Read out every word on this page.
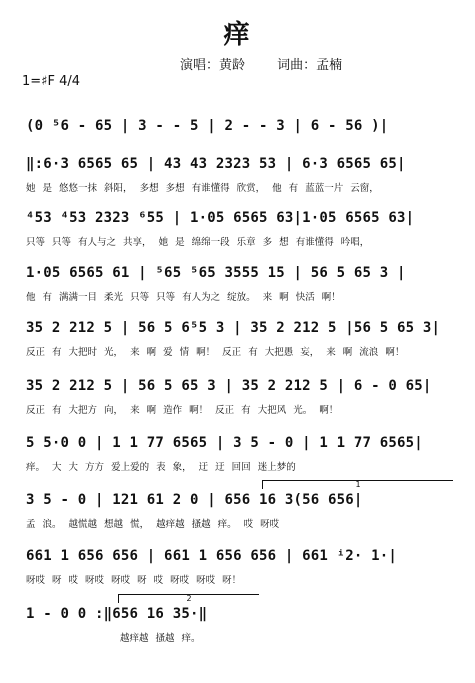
痒
演唱：黄龄 词曲：孟楠
1=♯F 4/4
(0 ⁵6 - 65 | 3 - - 5 | 2 - - 3 | 6 - 56 )|
‖:6·3 6565 65 | 43 43 2323 53 | 6·3 6565 65|
她 是 悠悠一抹 斜阳， 多想 多想 有谁懂得 欣赏， 他 有 蓝蓝一片 云窗，
⁴53 ⁴53 2323 ⁶55 | 1·05 6565 63|1·05 6565 63|
只等 只等 有人与之 共享， 她 是 绵绵一段 乐章 多 想 有谁懂得 吟唱，
1·05 6565 61 | ⁵65 ⁵65 3555 15 | 56 5 65 3 |
他 有 满满一目 柔光 只等 只等 有人为之 绽放。 来 啊 快活 啊！
35 2 212 5 | 56 5 6⁵5 3 | 35 2 212 5 |56 5 65 3|
反正 有 大把时 光， 来 啊 爱 情 啊！ 反正 有 大把愚 妄， 来 啊 流浪 啊！
35 2 212 5 | 56 5 65 3 | 35 2 212 5 | 6 - 0 65|
反正 有 大把方 向， 来 啊 造作 啊！ 反正 有 大把风 光。 啊！
5 5·0 0 | 1 1 77 6565 | 3 5 - 0 | 1 1 77 6565|
痒。 大 大 方方 爱上爱的 表 象， 迂 迂 回回 迷上梦的
1
3 5 - 0 | 121 61 2 0 | 656 16 3(56 656|
孟 浪。 越慌越 想越 慌， 越痒越 搔越 痒。 哎 呀哎
661 1 656 656 | 661 1 656 656 | 661 ⁱ2· 1·|
呀哎 呀 哎 呀哎 呀哎 呀 哎 呀哎 呀哎 呀！
2
1 - 0 0 :‖656 16 35·‖
越痒越 搔越 痒。
